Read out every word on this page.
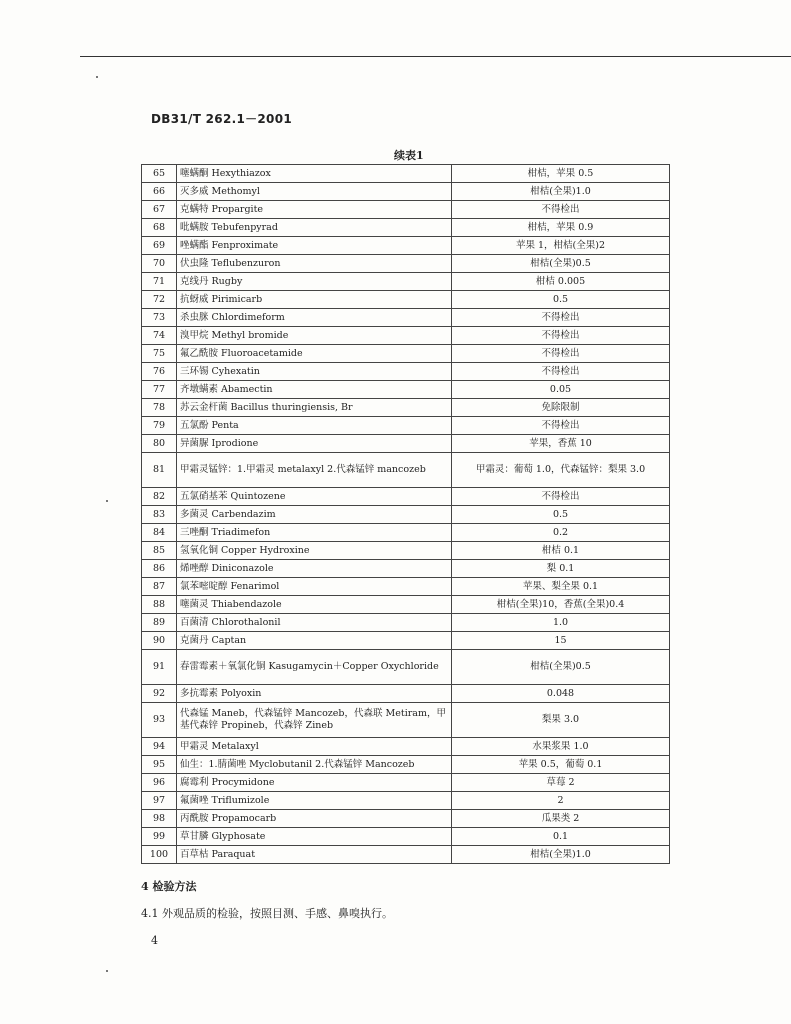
DB31/T 262.1－2001
续表1
65	噻螨酮 Hexythiazox	柑桔，苹果 0.5
66	灭多威 Methomyl	柑桔(全果)1.0
67	克螨特 Propargite	不得检出
68	吡螨胺 Tebufenpyrad	柑桔，苹果 0.9
69	唑螨酯 Fenproximate	苹果 1，柑桔(全果)2
70	伏虫隆 Teflubenzuron	柑桔(全果)0.5
71	克线丹 Rugby	柑桔 0.005
72	抗蚜威 Pirimicarb	0.5
73	杀虫脒 Chlordimeform	不得检出
74	溴甲烷 Methyl bromide	不得检出
75	氟乙酰胺 Fluoroacetamide	不得检出
76	三环锡 Cyhexatin	不得检出
77	齐墩螨素 Abamectin	0.05
78	苏云金杆菌 Bacillus thuringiensis, Br	免除限制
79	五氯酚 Penta	不得检出
80	异菌脲 Iprodione	苹果，香蕉 10
81	甲霜灵锰锌：1.甲霜灵 metalaxyl 2.代森锰锌 mancozeb	甲霜灵：葡萄 1.0，代森锰锌：梨果 3.0
82	五氯硝基苯 Quintozene	不得检出
83	多菌灵 Carbendazim	0.5
84	三唑酮 Triadimefon	0.2
85	氢氧化铜 Copper Hydroxine	柑桔 0.1
86	烯唑醇 Diniconazole	梨 0.1
87	氯苯嘧啶醇 Fenarimol	苹果、梨全果 0.1
88	噻菌灵 Thiabendazole	柑桔(全果)10，香蕉(全果)0.4
89	百菌清 Chlorothalonil	1.0
90	克菌丹 Captan	15
91	春雷霉素＋氧氯化铜 Kasugamycin＋Copper Oxychloride	柑桔(全果)0.5
92	多抗霉素 Polyoxin	0.048
93	代森锰 Maneb，代森锰锌 Mancozeb，代森联 Metiram，甲基代森锌 Propineb，代森锌 Zineb	梨果 3.0
94	甲霜灵 Metalaxyl	水果浆果 1.0
95	仙生：1.腈菌唑 Myclobutanil 2.代森锰锌 Mancozeb	苹果 0.5，葡萄 0.1
96	腐霉利 Procymidone	草莓 2
97	氟菌唑 Triflumizole	2
98	丙酰胺 Propamocarb	瓜果类 2
99	草甘膦 Glyphosate	0.1
100	百草枯 Paraquat	柑桔(全果)1.0
4 检验方法
4.1 外观品质的检验，按照目测、手感、鼻嗅执行。
4
